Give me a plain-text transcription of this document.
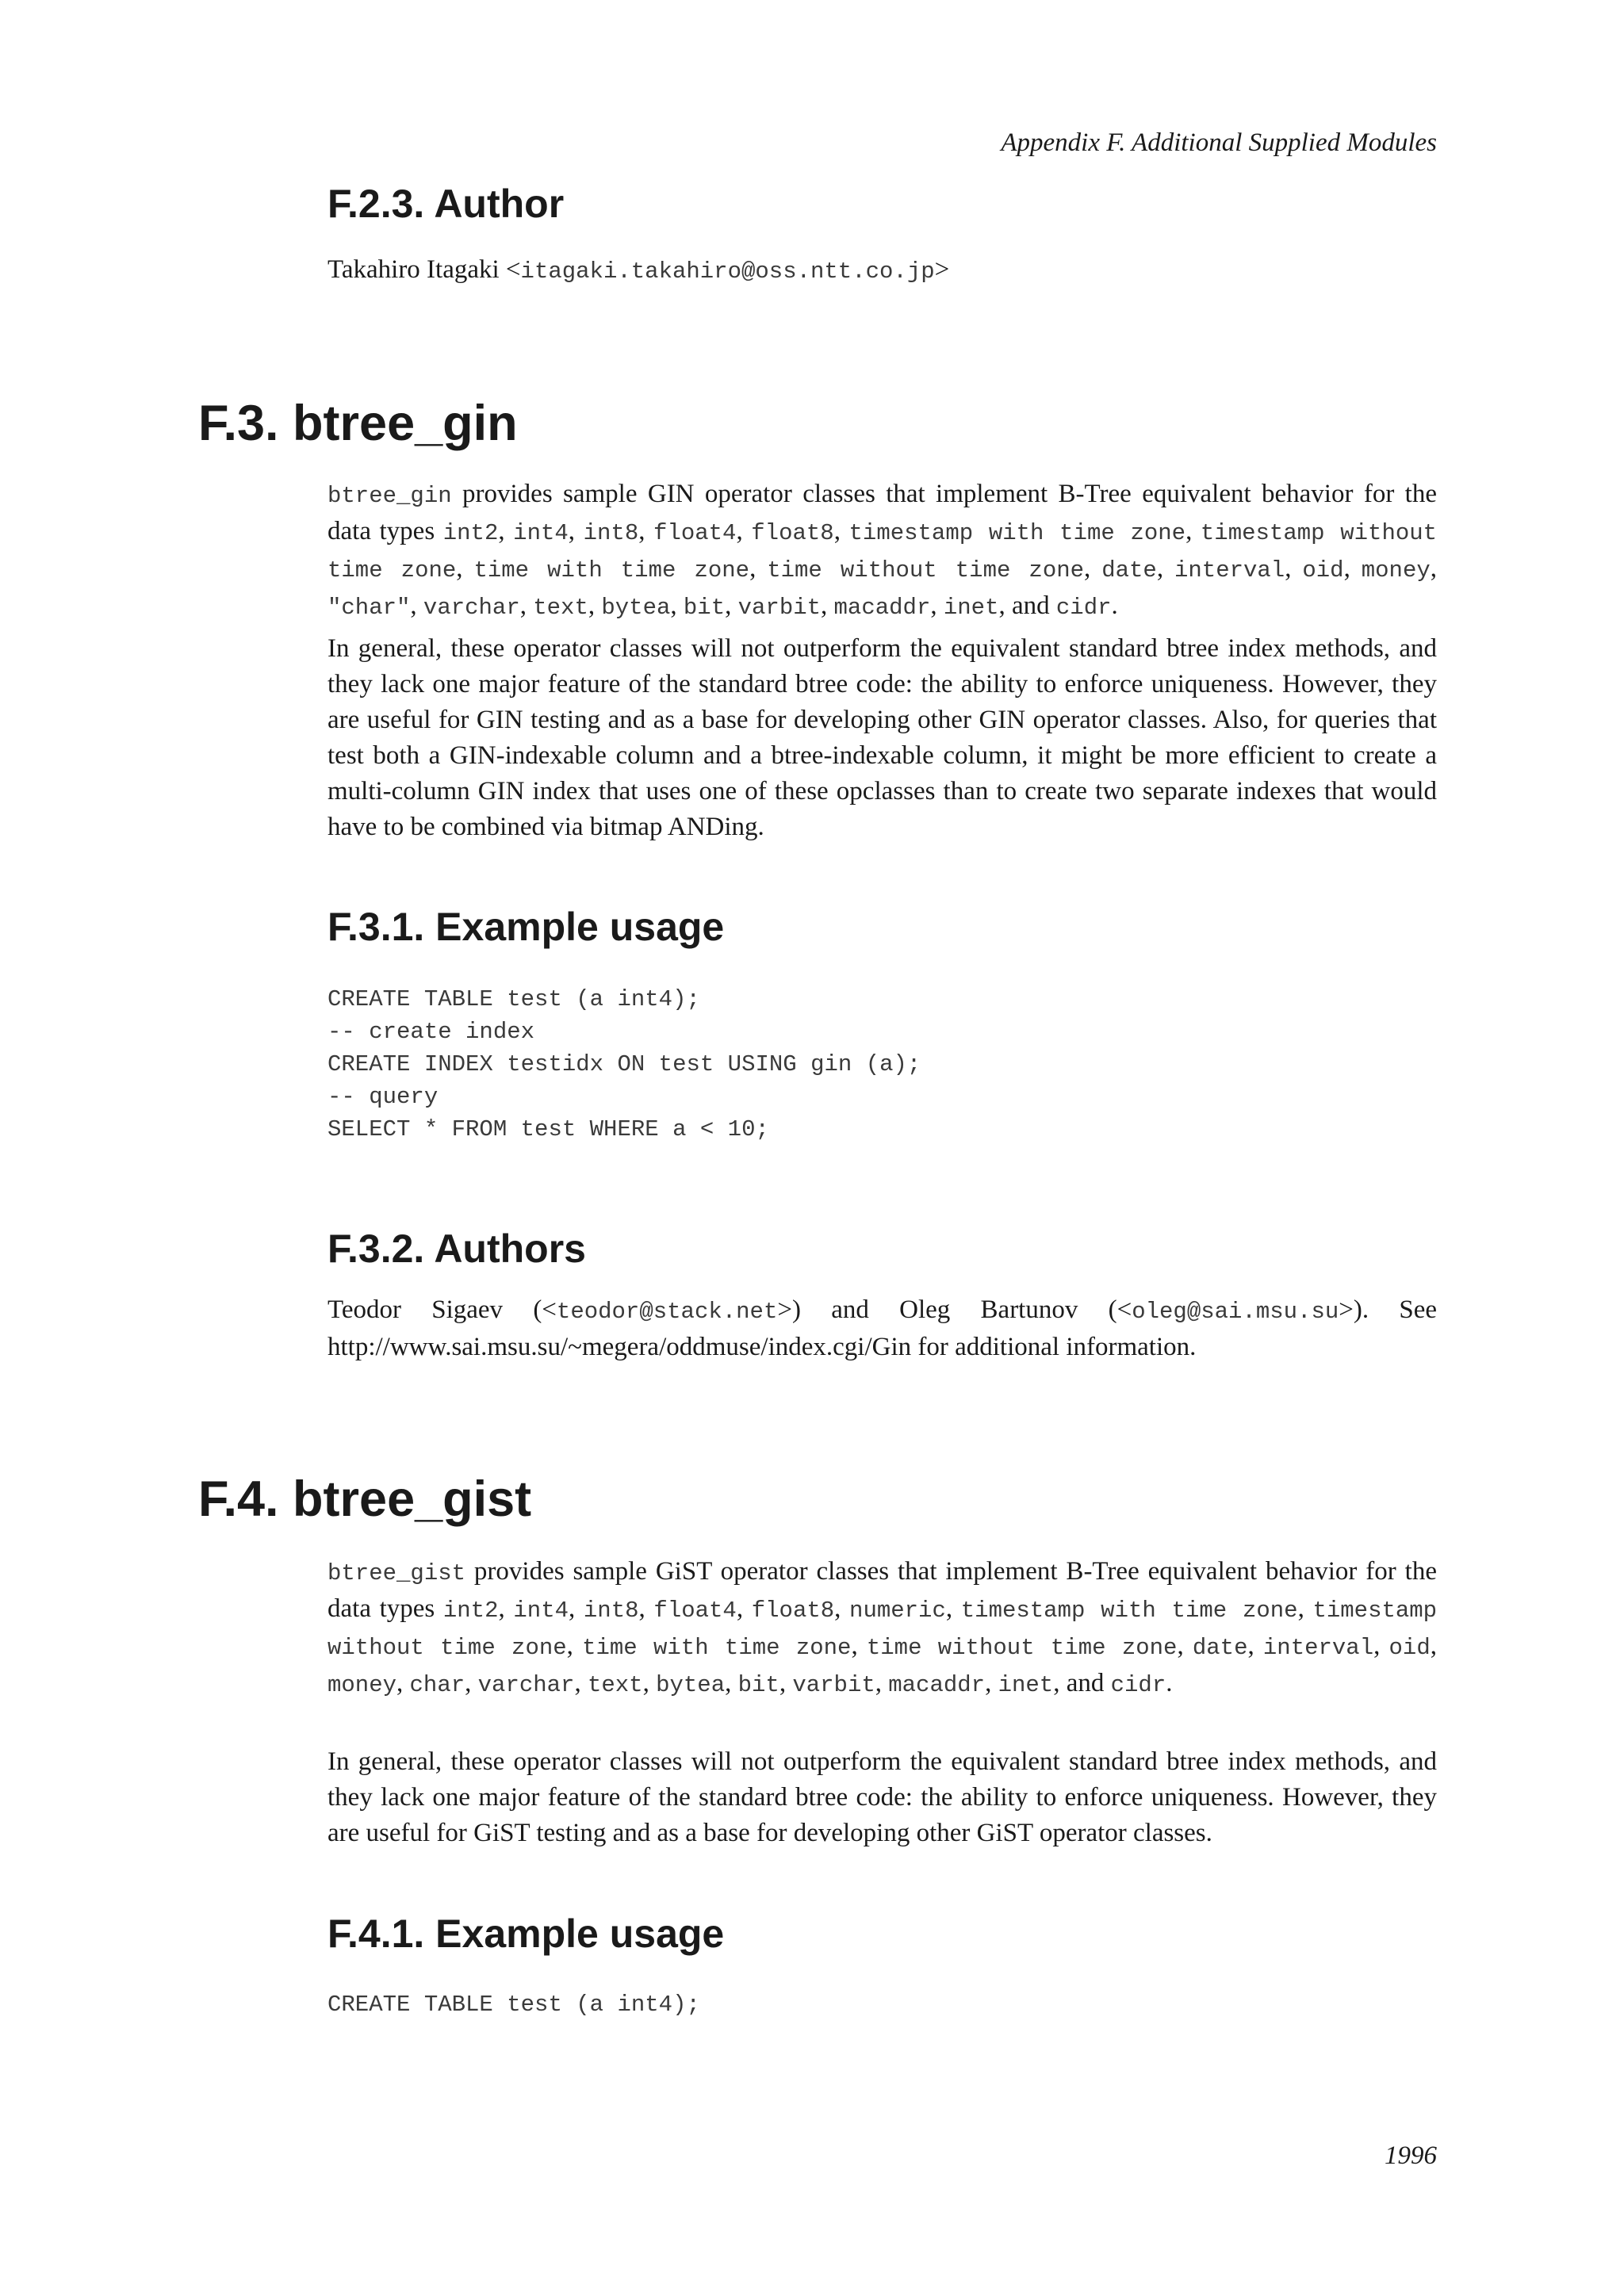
Appendix F. Additional Supplied Modules
F.2.3. Author

Takahiro Itagaki <itagaki.takahiro@oss.ntt.co.jp>

F.3. btree_gin

btree_gin provides sample GIN operator classes that implement B-Tree equivalent behavior for the data types int2, int4, int8, float4, float8, timestamp with time zone, timestamp without time zone, time with time zone, time without time zone, date, interval, oid, money, "char", varchar, text, bytea, bit, varbit, macaddr, inet, and cidr.

In general, these operator classes will not outperform the equivalent standard btree index methods, and they lack one major feature of the standard btree code: the ability to enforce uniqueness. However, they are useful for GIN testing and as a base for developing other GIN operator classes. Also, for queries that test both a GIN-indexable column and a btree-indexable column, it might be more efficient to create a multi-column GIN index that uses one of these opclasses than to create two separate indexes that would have to be combined via bitmap ANDing.

F.3.1. Example usage
CREATE TABLE test (a int4);
-- create index
CREATE INDEX testidx ON test USING gin (a);
-- query
SELECT * FROM test WHERE a < 10;
F.3.2. Authors

Teodor Sigaev (<teodor@stack.net>) and Oleg Bartunov (<oleg@sai.msu.su>). See http://www.sai.msu.su/~megera/oddmuse/index.cgi/Gin for additional information.

F.4. btree_gist

btree_gist provides sample GiST operator classes that implement B-Tree equivalent behavior for the data types int2, int4, int8, float4, float8, numeric, timestamp with time zone, timestamp without time zone, time with time zone, time without time zone, date, interval, oid, money, char, varchar, text, bytea, bit, varbit, macaddr, inet, and cidr.

In general, these operator classes will not outperform the equivalent standard btree index methods, and they lack one major feature of the standard btree code: the ability to enforce uniqueness. However, they are useful for GiST testing and as a base for developing other GiST operator classes.

F.4.1. Example usage
CREATE TABLE test (a int4);
1996
